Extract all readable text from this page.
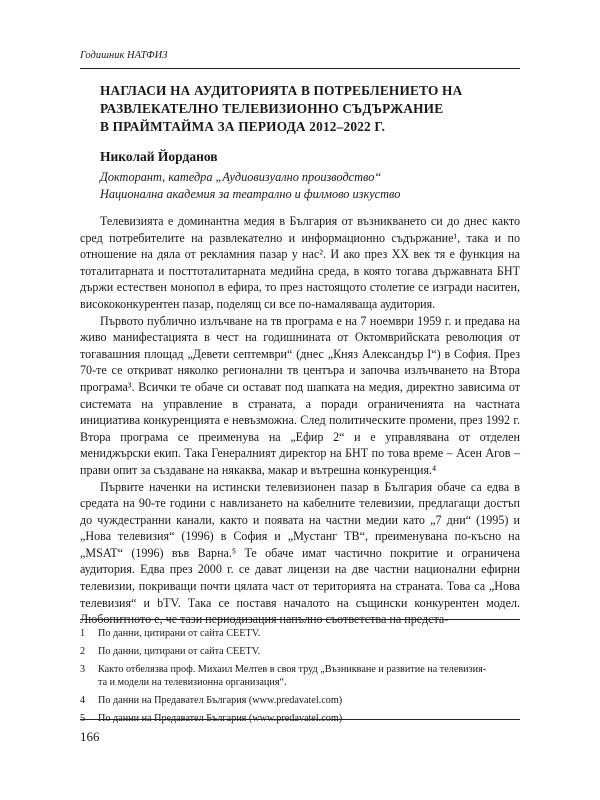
Годишник НАТФИЗ
НАГЛАСИ НА АУДИТОРИЯТА В ПОТРЕБЛЕНИЕТО НА
РАЗВЛЕКАТЕЛНО ТЕЛЕВИЗИОННО СЪДЪРЖАНИЕ
В ПРАЙМТАЙМА ЗА ПЕРИОДА 2012–2022 Г.
Николай Йорданов
Докторант, катедра „Аудиовизуално производство“
Национална академия за театрално и филмово изкуство

Телевизията е доминантна медия в България от възникването си до днес както сред потребителите на развлекателно и информационно съдържание¹, така и по отношение на дяла от рекламния пазар у нас². И ако през XX век тя е функция на тоталитарната и посттоталитарната медийна среда, в която тогава държавната БНТ държи естествен монопол в ефира, то през настоящото столетие се изгради наситен, висококонкурентен пазар, поделящ си все по-намаляваща аудитория.

Първото публично излъчване на тв програма е на 7 ноември 1959 г. и предава на живо манифестацията в чест на годишнината от Октомврийската революция от тогавашния площад „Девети септември“ (днес „Княз Александър I“) в София. През 70-те се откриват няколко регионални тв центъра и започва излъчването на Втора програма³. Всички те обаче си остават под шапката на медия, директно зависима от системата на управление в страната, а поради ограниченията на частната инициатива конкуренцията е невъзможна. След политическите промени, през 1992 г. Втора програма се преименува на „Ефир 2“ и е управлявана от отделен мениджърски екип. Така Генералният директор на БНТ по това време – Асен Агов – прави опит за създаване на някаква, макар и вътрешна конкуренция.⁴

Първите наченки на истински телевизионен пазар в България обаче са едва в средата на 90-те години с навлизането на кабелните телевизии, предлагащи достъп до чуждестранни канали, както и появата на частни медии като „7 дни“ (1995) и „Нова телевизия“ (1996) в София и „Мустанг ТВ“, преименувана по-късно на „MSAT“ (1996) във Варна.⁵ Те обаче имат частично покритие и ограничена аудитория. Едва през 2000 г. се дават лицензи на две частни национални ефирни телевизии, покриващи почти цялата част от територията на страната. Това са „Нова телевизия“ и bTV. Така се поставя началото на същински конкурентен модел. Любопитното е, че тази периодизация напълно съответства на предста-

1	По данни, цитирани от сайта CEETV.
2	По данни, цитирани от сайта CEETV.
3	Както отбелязва проф. Михаил Мелтев в своя труд „Възникване и развитие на телевизия-
та и модели на телевизионна организация“.
4	По данни на Предавател България (www.predavatel.com)
5	По данни на Предавател България (www.predavatel.com)
166
